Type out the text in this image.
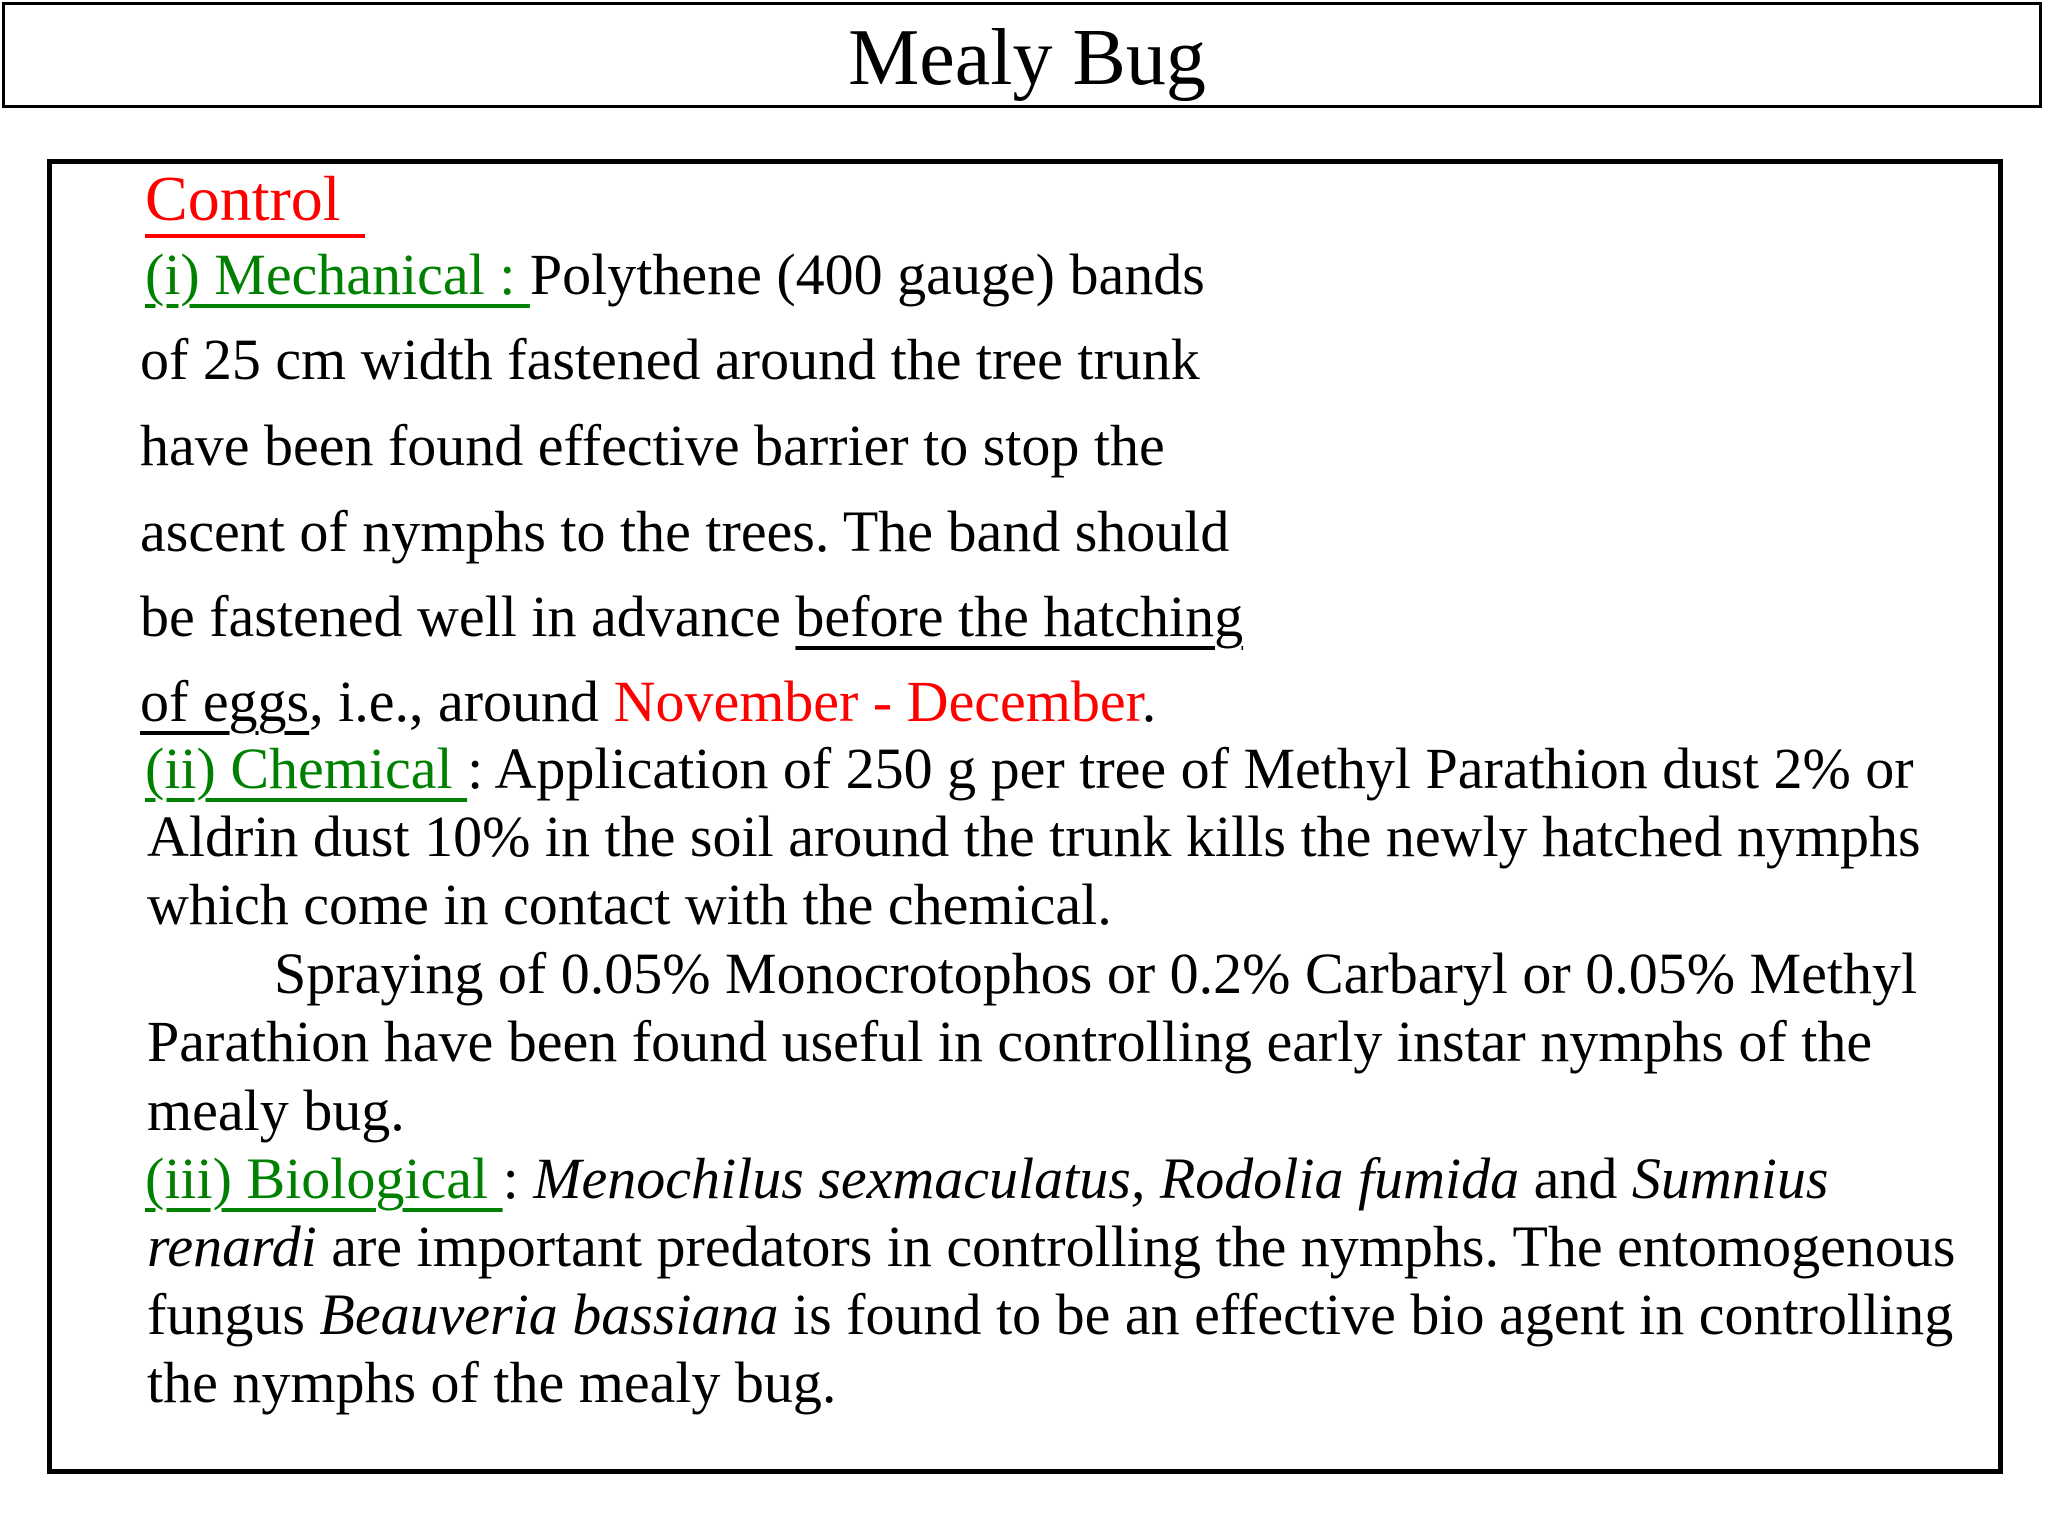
Mealy Bug

Control

(i) Mechanical : Polythene (400 gauge) bands

of 25 cm width fastened around the tree trunk

have been found effective barrier to stop the

ascent of nymphs to the trees. The band should

be fastened well in advance before the hatching

of eggs, i.e., around November - December.

(ii) Chemical : Application of 250 g per tree of Methyl Parathion dust 2% or

Aldrin dust 10% in the soil around the trunk kills the newly hatched nymphs

which come in contact with the chemical.

Spraying of 0.05% Monocrotophos or 0.2% Carbaryl or 0.05% Methyl

Parathion have been found useful in controlling early instar nymphs of the

mealy bug.

(iii) Biological : Menochilus sexmaculatus, Rodolia fumida and Sumnius

renardi are important predators in controlling the nymphs. The entomogenous

fungus Beauveria bassiana is found to be an effective bio agent in controlling

the nymphs of the mealy bug.
